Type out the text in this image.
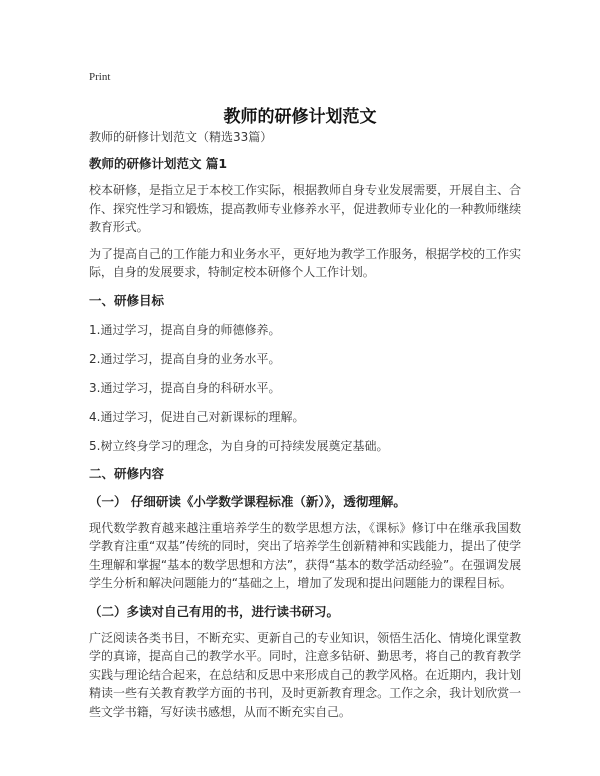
Print
教师的研修计划范文

教师的研修计划范文（精选33篇）

教师的研修计划范文 篇1

校本研修，是指立足于本校工作实际，根据教师自身专业发展需要，开展自主、合作、探究性学习和锻炼，提高教师专业修养水平，促进教师专业化的一种教师继续教育形式。

为了提高自己的工作能力和业务水平，更好地为教学工作服务，根据学校的工作实际，自身的发展要求，特制定校本研修个人工作计划。

一、研修目标

1.通过学习，提高自身的师德修养。
2.通过学习，提高自身的业务水平。
3.通过学习，提高自身的科研水平。
4.通过学习，促进自己对新课标的理解。
5.树立终身学习的理念，为自身的可持续发展奠定基础。

二、研修内容

（一） 仔细研读《小学数学课程标准（新）》，透彻理解。

现代数学教育越来越注重培养学生的数学思想方法，《课标》修订中在继承我国数学教育注重“双基”传统的同时，突出了培养学生创新精神和实践能力，提出了使学生理解和掌握“基本的数学思想和方法”，获得“基本的数学活动经验”。在强调发展学生分析和解决问题能力的“基础之上，增加了发现和提出问题能力的课程目标。

（二）多读对自己有用的书，进行读书研习。

广泛阅读各类书目，不断充实、更新自己的专业知识，领悟生活化、情境化课堂教学的真谛，提高自己的教学水平。同时，注意多钻研、勤思考，将自己的教育教学实践与理论结合起来，在总结和反思中来形成自己的教学风格。在近期内，我计划精读一些有关教育教学方面的书刊，及时更新教育理念。工作之余，我计划欣赏一些文学书籍，写好读书感想，从而不断充实自己。
